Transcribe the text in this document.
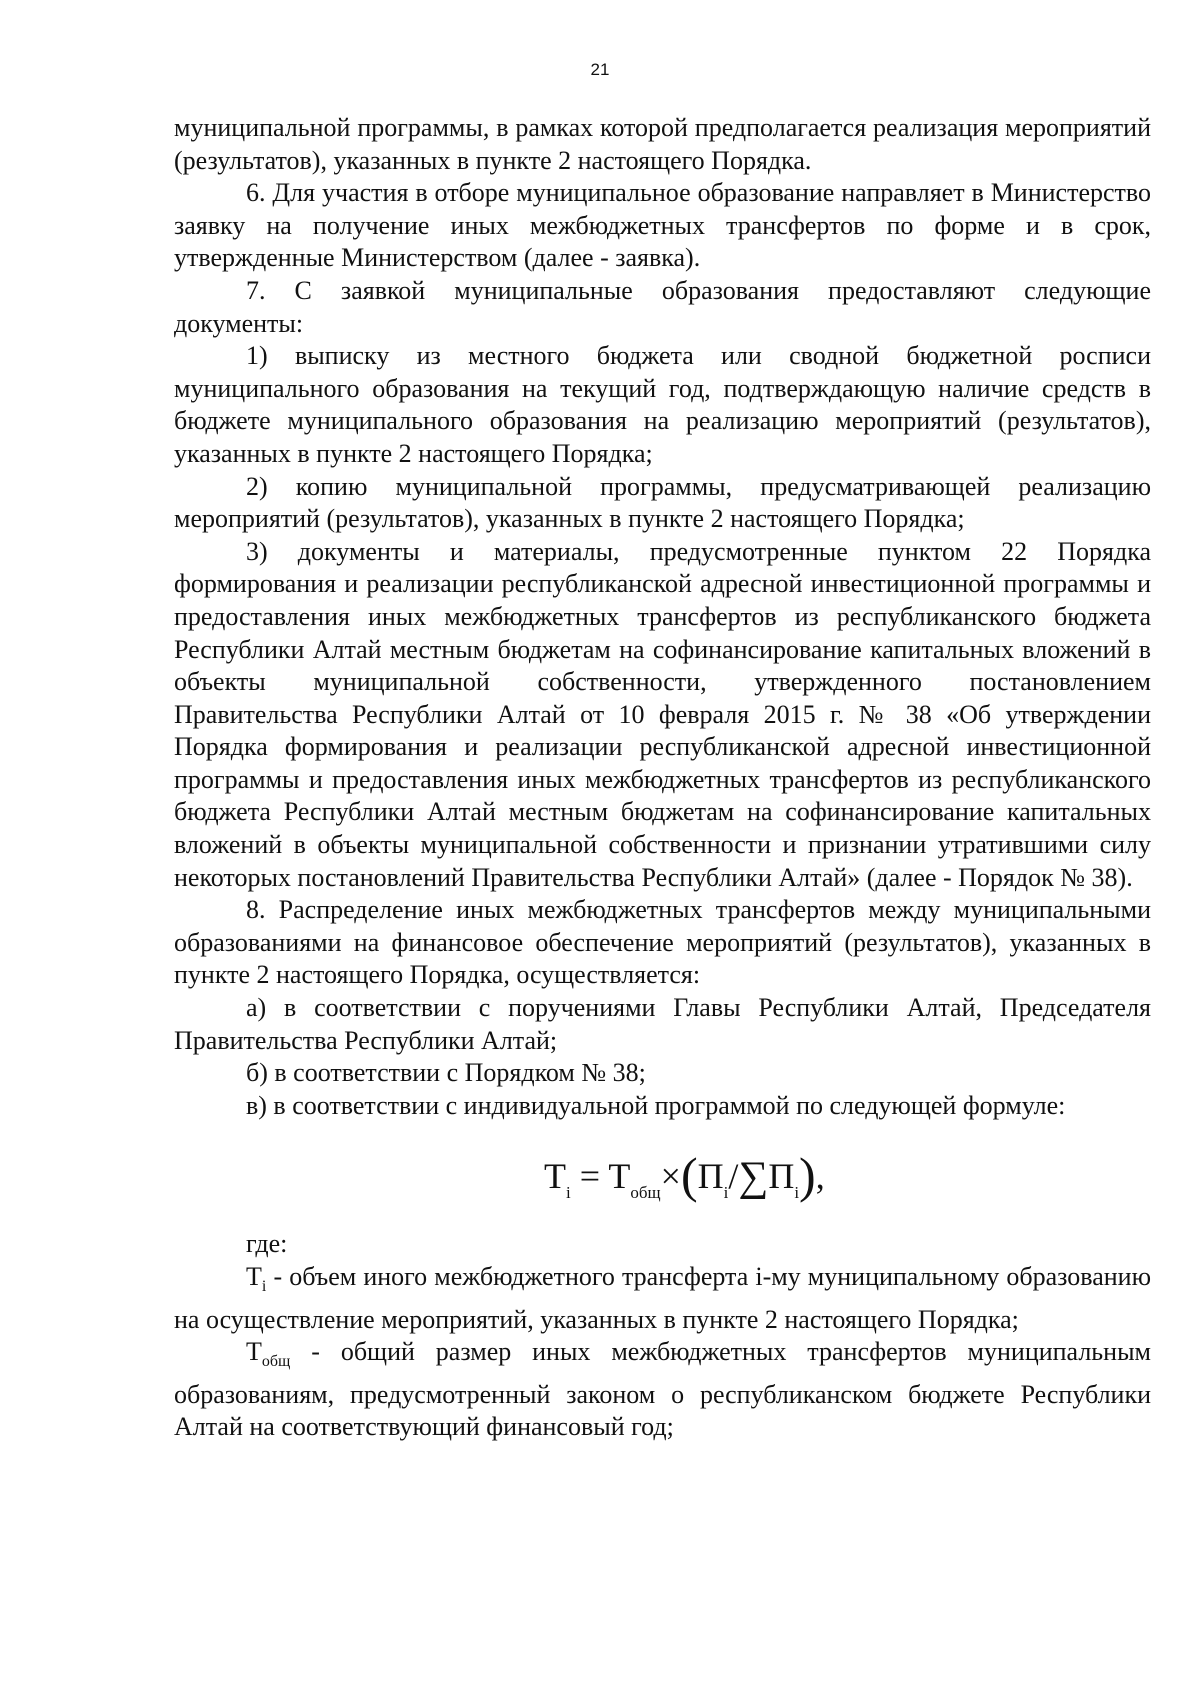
21

муниципальной программы, в рамках которой предполагается реализация мероприятий (результатов), указанных в пункте 2 настоящего Порядка.

6. Для участия в отборе муниципальное образование направляет в Министерство заявку на получение иных межбюджетных трансфертов по форме и в срок, утвержденные Министерством (далее - заявка).

7. С заявкой муниципальные образования предоставляют следующие документы:

1) выписку из местного бюджета или сводной бюджетной росписи муниципального образования на текущий год, подтверждающую наличие средств в бюджете муниципального образования на реализацию мероприятий (результатов), указанных в пункте 2 настоящего Порядка;

2) копию муниципальной программы, предусматривающей реализацию мероприятий (результатов), указанных в пункте 2 настоящего Порядка;

3) документы и материалы, предусмотренные пунктом 22 Порядка формирования и реализации республиканской адресной инвестиционной программы и предоставления иных межбюджетных трансфертов из республиканского бюджета Республики Алтай местным бюджетам на софинансирование капитальных вложений в объекты муниципальной собственности, утвержденного постановлением Правительства Республики Алтай от 10 февраля 2015 г. № 38 «Об утверждении Порядка формирования и реализации республиканской адресной инвестиционной программы и предоставления иных межбюджетных трансфертов из республиканского бюджета Республики Алтай местным бюджетам на софинансирование капитальных вложений в объекты муниципальной собственности и признании утратившими силу некоторых постановлений Правительства Республики Алтай» (далее - Порядок № 38).

8. Распределение иных межбюджетных трансфертов между муниципальными образованиями на финансовое обеспечение мероприятий (результатов), указанных в пункте 2 настоящего Порядка, осуществляется:

а) в соответствии с поручениями Главы Республики Алтай, Председателя Правительства Республики Алтай;

б) в соответствии с Порядком № 38;

в) в соответствии с индивидуальной программой по следующей формуле:

$T_i = T_{общ}\times(П_i/\sum П_i)$,

где:

$T_i$ - объем иного межбюджетного трансферта i-му муниципальному образованию на осуществление мероприятий, указанных в пункте 2 настоящего Порядка;

$T_{общ}$ - общий размер иных межбюджетных трансфертов муниципальным образованиям, предусмотренный законом о республиканском бюджете Республики Алтай на соответствующий финансовый год;
